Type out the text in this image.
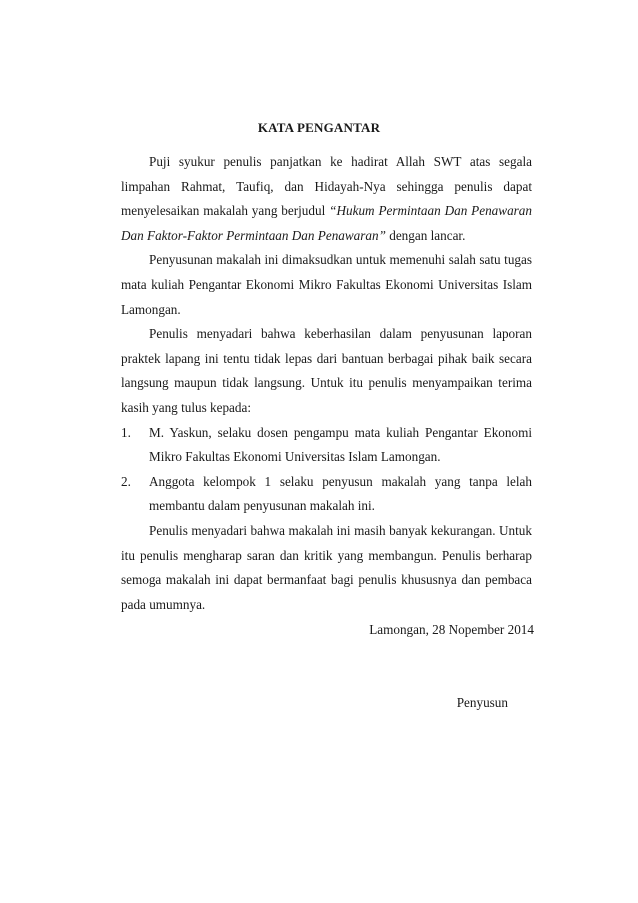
KATA PENGANTAR

Puji syukur penulis panjatkan ke hadirat Allah SWT atas segala limpahan Rahmat, Taufiq, dan Hidayah-Nya sehingga penulis dapat menyelesaikan makalah yang berjudul “Hukum Permintaan Dan Penawaran Dan Faktor-Faktor Permintaan Dan Penawaran” dengan lancar.

Penyusunan makalah ini dimaksudkan untuk memenuhi salah satu tugas mata kuliah Pengantar Ekonomi Mikro Fakultas Ekonomi Universitas Islam Lamongan.

Penulis menyadari bahwa keberhasilan dalam penyusunan laporan praktek lapang ini tentu tidak lepas dari bantuan berbagai pihak baik secara langsung maupun tidak langsung. Untuk itu penulis menyampaikan terima kasih yang tulus kepada:

1. M. Yaskun, selaku dosen pengampu mata kuliah Pengantar Ekonomi Mikro Fakultas Ekonomi Universitas Islam Lamongan.
2. Anggota kelompok 1 selaku penyusun makalah yang tanpa lelah membantu dalam penyusunan makalah ini.

Penulis menyadari bahwa makalah ini masih banyak kekurangan. Untuk itu penulis mengharap saran dan kritik yang membangun. Penulis berharap semoga makalah ini dapat bermanfaat bagi penulis khususnya dan pembaca pada umumnya.

Lamongan, 28 Nopember 2014
Penyusun
